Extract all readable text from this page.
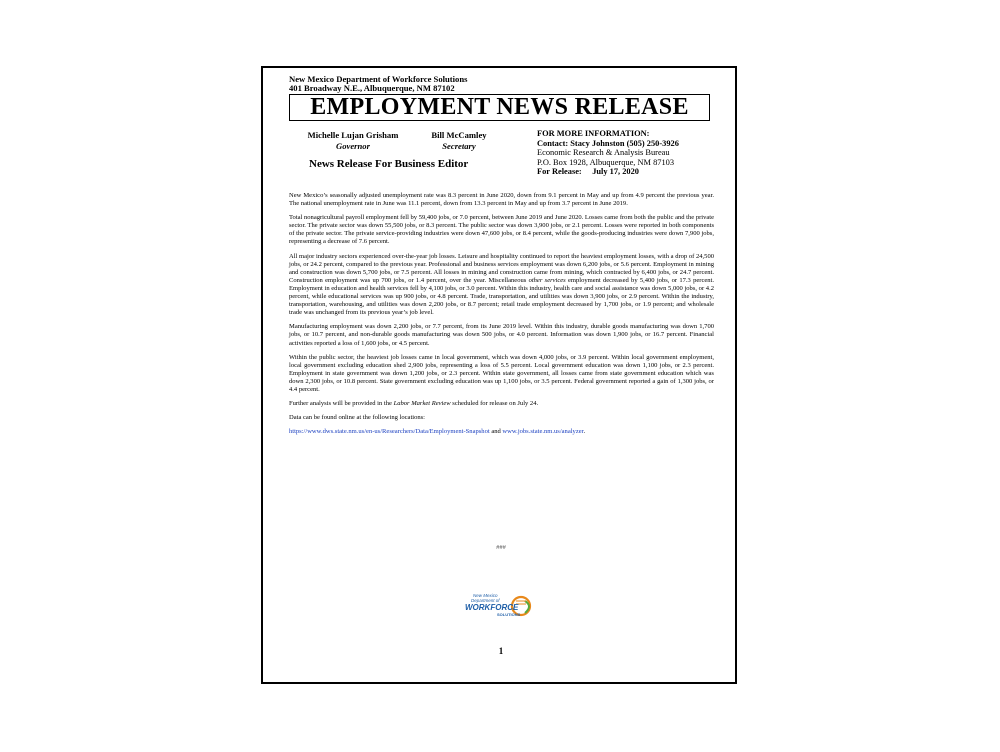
New Mexico Department of Workforce Solutions
401 Broadway N.E., Albuquerque, NM 87102
EMPLOYMENT NEWS RELEASE
Michelle Lujan Grisham
Governor
Bill McCamley
Secretary
News Release For Business Editor
FOR MORE INFORMATION:
Contact: Stacy Johnston (505) 250-3926
Economic Research & Analysis Bureau
P.O. Box 1928, Albuquerque, NM 87103
For Release: July 17, 2020

New Mexico’s seasonally adjusted unemployment rate was 8.3 percent in June 2020, down from 9.1 percent in May and up from 4.9 percent the previous year. The national unemployment rate in June was 11.1 percent, down from 13.3 percent in May and up from 3.7 percent in June 2019.

Total nonagricultural payroll employment fell by 59,400 jobs, or 7.0 percent, between June 2019 and June 2020. Losses came from both the public and the private sector. The private sector was down 55,500 jobs, or 8.3 percent. The public sector was down 3,900 jobs, or 2.1 percent. Losses were reported in both components of the private sector. The private service-providing industries were down 47,600 jobs, or 8.4 percent, while the goods-producing industries were down 7,900 jobs, representing a decrease of 7.6 percent.

All major industry sectors experienced over-the-year job losses. Leisure and hospitality continued to report the heaviest employment losses, with a drop of 24,500 jobs, or 24.2 percent, compared to the previous year. Professional and business services employment was down 6,200 jobs, or 5.6 percent. Employment in mining and construction was down 5,700 jobs, or 7.5 percent. All losses in mining and construction came from mining, which contracted by 6,400 jobs, or 24.7 percent. Construction employment was up 700 jobs, or 1.4 percent, over the year. Miscellaneous other services employment decreased by 5,400 jobs, or 17.3 percent. Employment in education and health services fell by 4,100 jobs, or 3.0 percent. Within this industry, health care and social assistance was down 5,000 jobs, or 4.2 percent, while educational services was up 900 jobs, or 4.8 percent. Trade, transportation, and utilities was down 3,900 jobs, or 2.9 percent. Within the industry, transportation, warehousing, and utilities was down 2,200 jobs, or 8.7 percent; retail trade employment decreased by 1,700 jobs, or 1.9 percent; and wholesale trade was unchanged from its previous year’s job level.

Manufacturing employment was down 2,200 jobs, or 7.7 percent, from its June 2019 level. Within this industry, durable goods manufacturing was down 1,700 jobs, or 10.7 percent, and non-durable goods manufacturing was down 500 jobs, or 4.0 percent. Information was down 1,900 jobs, or 16.7 percent. Financial activities reported a loss of 1,600 jobs, or 4.5 percent.

Within the public sector, the heaviest job losses came in local government, which was down 4,000 jobs, or 3.9 percent. Within local government employment, local government excluding education shed 2,900 jobs, representing a loss of 5.5 percent. Local government education was down 1,100 jobs, or 2.3 percent. Employment in state government was down 1,200 jobs, or 2.3 percent. Within state government, all losses came from state government education which was down 2,300 jobs, or 10.8 percent. State government excluding education was up 1,100 jobs, or 3.5 percent. Federal government reported a gain of 1,300 jobs, or 4.4 percent.

Further analysis will be provided in the Labor Market Review scheduled for release on July 24.

Data can be found online at the following locations:

https://www.dws.state.nm.us/en-us/Researchers/Data/Employment-Snapshot and www.jobs.state.nm.us/analyzer.

###
New Mexico
Department of
WORKFORCE
SOLUTIONS
1
